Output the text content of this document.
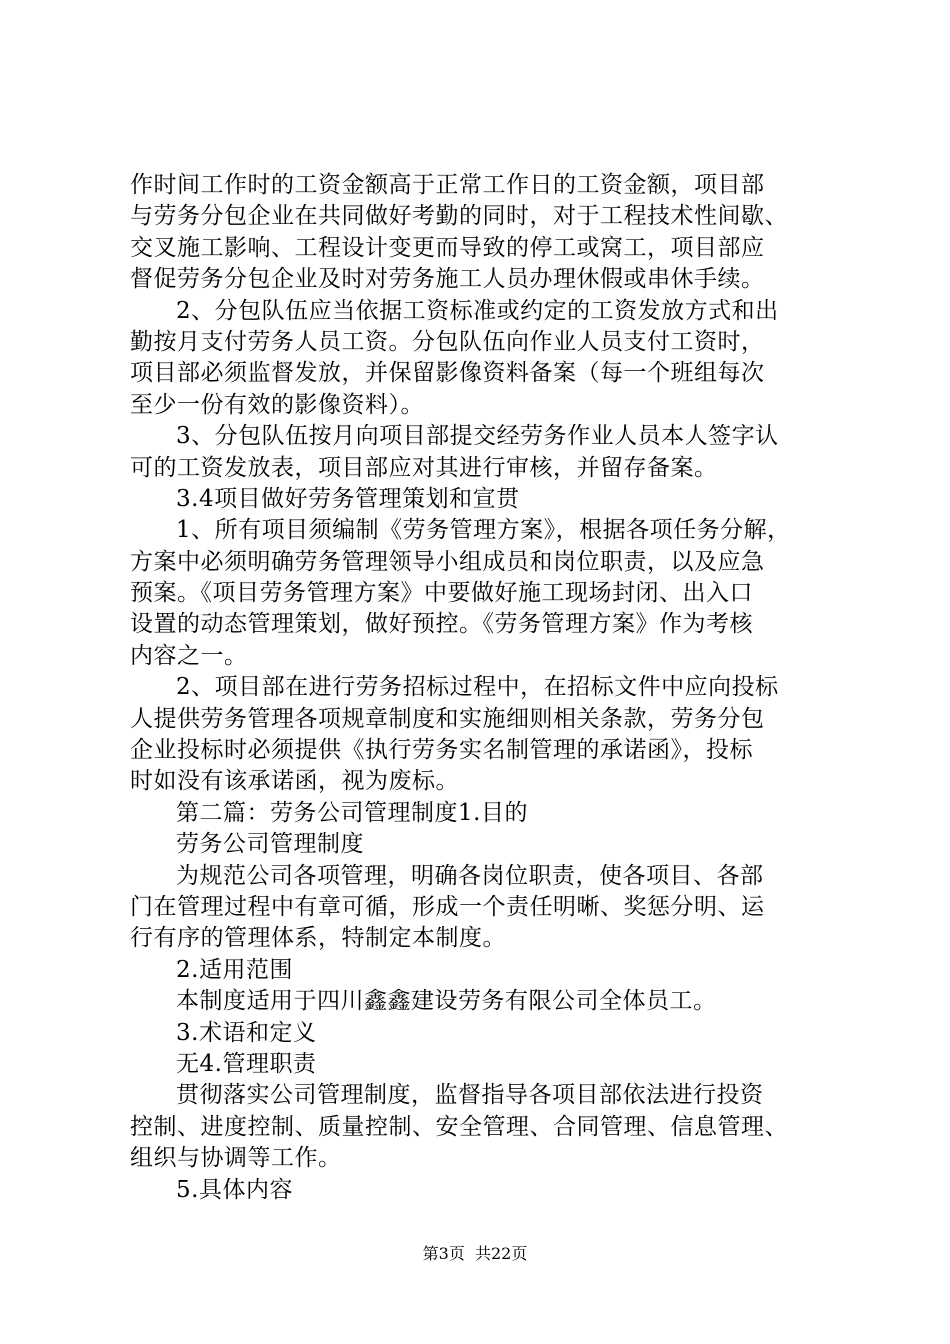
作时间工作时的工资金额高于正常工作日的工资金额，项目部
与劳务分包企业在共同做好考勤的同时，对于工程技术性间歇、
交叉施工影响、工程设计变更而导致的停工或窝工，项目部应
督促劳务分包企业及时对劳务施工人员办理休假或串休手续。
2、分包队伍应当依据工资标准或约定的工资发放方式和出
勤按月支付劳务人员工资。分包队伍向作业人员支付工资时，
项目部必须监督发放，并保留影像资料备案（每一个班组每次
至少一份有效的影像资料）。
3、分包队伍按月向项目部提交经劳务作业人员本人签字认
可的工资发放表，项目部应对其进行审核，并留存备案。
3.4项目做好劳务管理策划和宣贯
1、所有项目须编制《劳务管理方案》，根据各项任务分解，
方案中必须明确劳务管理领导小组成员和岗位职责，以及应急
预案。《项目劳务管理方案》中要做好施工现场封闭、出入口
设置的动态管理策划，做好预控。《劳务管理方案》作为考核
内容之一。
2、项目部在进行劳务招标过程中，在招标文件中应向投标
人提供劳务管理各项规章制度和实施细则相关条款，劳务分包
企业投标时必须提供《执行劳务实名制管理的承诺函》，投标
时如没有该承诺函，视为废标。
第二篇：劳务公司管理制度1.目的
劳务公司管理制度
为规范公司各项管理，明确各岗位职责，使各项目、各部
门在管理过程中有章可循，形成一个责任明晰、奖惩分明、运
行有序的管理体系，特制定本制度。
2.适用范围
本制度适用于四川鑫鑫建设劳务有限公司全体员工。
3.术语和定义
无4.管理职责
贯彻落实公司管理制度，监督指导各项目部依法进行投资
控制、进度控制、质量控制、安全管理、合同管理、信息管理、
组织与协调等工作。
5.具体内容
第3页  共22页
